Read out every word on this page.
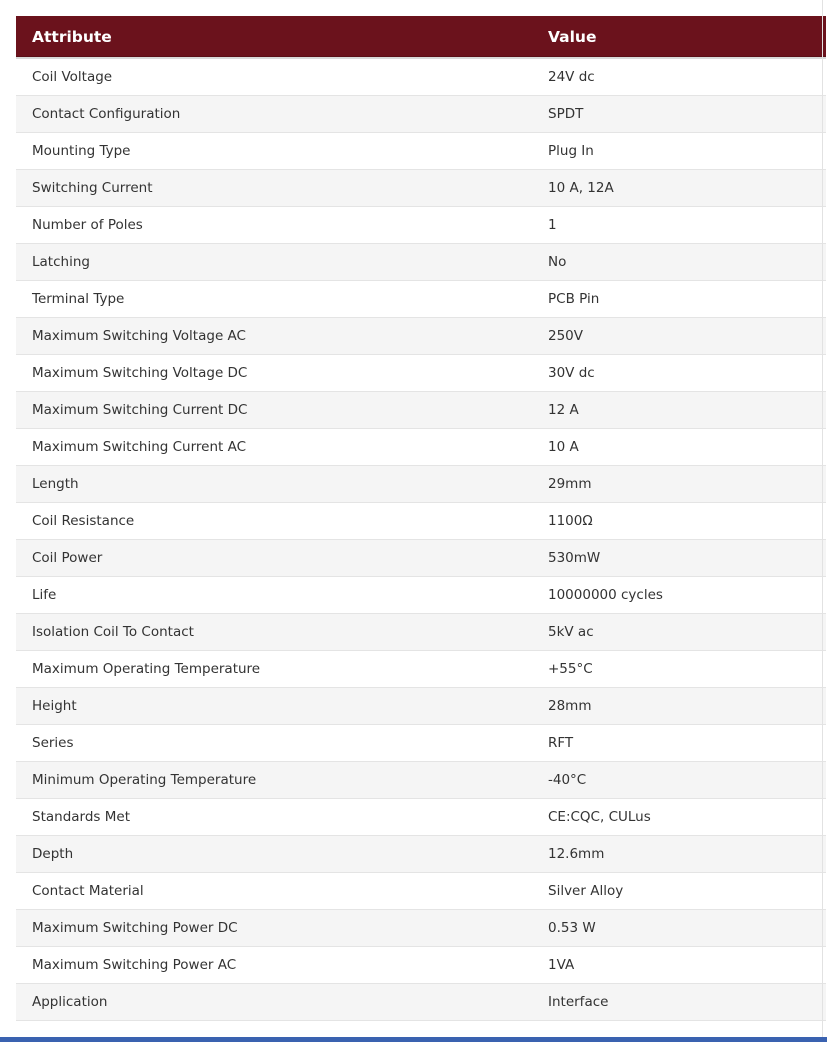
Attribute	Value
Coil Voltage	24V dc
Contact Configuration	SPDT
Mounting Type	Plug In
Switching Current	10 A, 12A
Number of Poles	1
Latching	No
Terminal Type	PCB Pin
Maximum Switching Voltage AC	250V
Maximum Switching Voltage DC	30V dc
Maximum Switching Current DC	12 A
Maximum Switching Current AC	10 A
Length	29mm
Coil Resistance	1100Ω
Coil Power	530mW
Life	10000000 cycles
Isolation Coil To Contact	5kV ac
Maximum Operating Temperature	+55°C
Height	28mm
Series	RFT
Minimum Operating Temperature	-40°C
Standards Met	CE:CQC, CULus
Depth	12.6mm
Contact Material	Silver Alloy
Maximum Switching Power DC	0.53 W
Maximum Switching Power AC	1VA
Application	Interface
